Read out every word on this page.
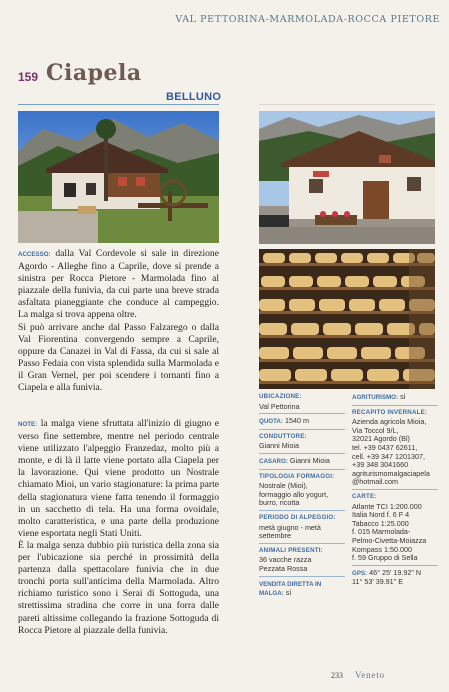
VAL PETTORINA-MARMOLADA-ROCCA PIETORE
159 Ciapela
BELLUNO
ACCESSO: dalla Val Cordevole si sale in direzione Agordo - Alleghe fino a Caprile, dove si prende a sinistra per Rocca Pietore - Marmolada fino al piazzale della funivia, da cui parte una breve strada asfaltata pianeggiante che conduce al campeggio. La malga si trova appena oltre.
Si può arrivare anche dal Passo Falzarego o dalla Val Fiorentina convergendo sempre a Caprile, oppure da Canazei in Val di Fassa, da cui si sale al Passo Fedaia con vista splendida sulla Marmolada e il Gran Vernel, per poi scendere i tornanti fino a Ciapela e alla funivia.
NOTE: la malga viene sfruttata all'inizio di giugno e verso fine settembre, mentre nel periodo centrale viene utilizzato l'alpeggio Franzedaz, molto più a monte, e di là il latte viene portato alla Ciapela per la lavorazione. Qui viene prodotto un Nostrale chiamato Mioi, un vario stagionature: la prima parte della stagionatura viene fatta tenendo il formaggio in un sacchetto di tela. Ha una forma ovoidale, molto caratteristica, e una parte della produzione viene esportata negli Stati Uniti.
È la malga senza dubbio più turistica della zona sia per l'ubicazione sia perché in prossimità della partenza dalla spettacolare funivia che in due tronchi porta sull'anticima della Marmolada. Altro richiamo turistico sono i Serai di Sottoguda, una strettissima stradina che corre in una forra dalle pareti altissime collegando la frazione Sottoguda di Rocca Pietore al piazzale della funivia.
UBICAZIONE:
Val Pettorina
QUOTA: 1540 m
CONDUTTORE:
Gianni Mioia
CASARO: Gianni Mioia
TIPOLOGIA FORMAGGI:
Nostrale (Mioi),
formaggio allo yogurt,
burro, ricotta
PERIODO DI ALPEGGIO:
metà giugno - metà
settembre
ANIMALI PRESENTI:
36 vacche razza
Pezzata Rossa
VENDITA DIRETTA IN MALGA: sì
AGRITURISMO: sì
RECAPITO INVERNALE:
Azienda agricola Mioia,
Via Toccol 9/L,
32021 Agordo (Bl)
tel. +39 0437 62611,
cell. +39 347 1201307,
+39 348 3041660
agriturismomalgaciapela
@hotmail.com
CARTE:
Atlante TCI 1:200.000
Italia Nord f. 6 F 4
Tabacco 1:25.000
f. 015 Marmolada-
Pelmo-Civetta-Moiazza
Kompass 1:50.000
f. 59 Gruppo di Sella
GPS: 46° 25' 19.92" N
11° 53' 39.91" E
233 Veneto
